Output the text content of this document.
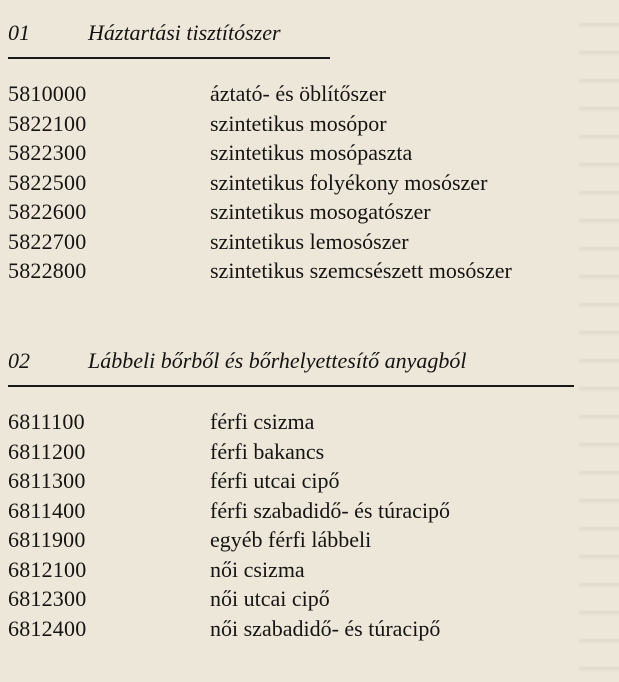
01	Háztartási tisztítószer
5810000	áztató- és öblítőszer
5822100	szintetikus mosópor
5822300	szintetikus mosópaszta
5822500	szintetikus folyékony mosószer
5822600	szintetikus mosogatószer
5822700	szintetikus lemosószer
5822800	szintetikus szemcsészett mosószer
02	Lábbeli bőrből és bőrhelyettesítő anyagból
6811100	férfi csizma
6811200	férfi bakancs
6811300	férfi utcai cipő
6811400	férfi szabadidő- és túracipő
6811900	egyéb férfi lábbeli
6812100	női csizma
6812300	női utcai cipő
6812400	női szabadidő- és túracipő
